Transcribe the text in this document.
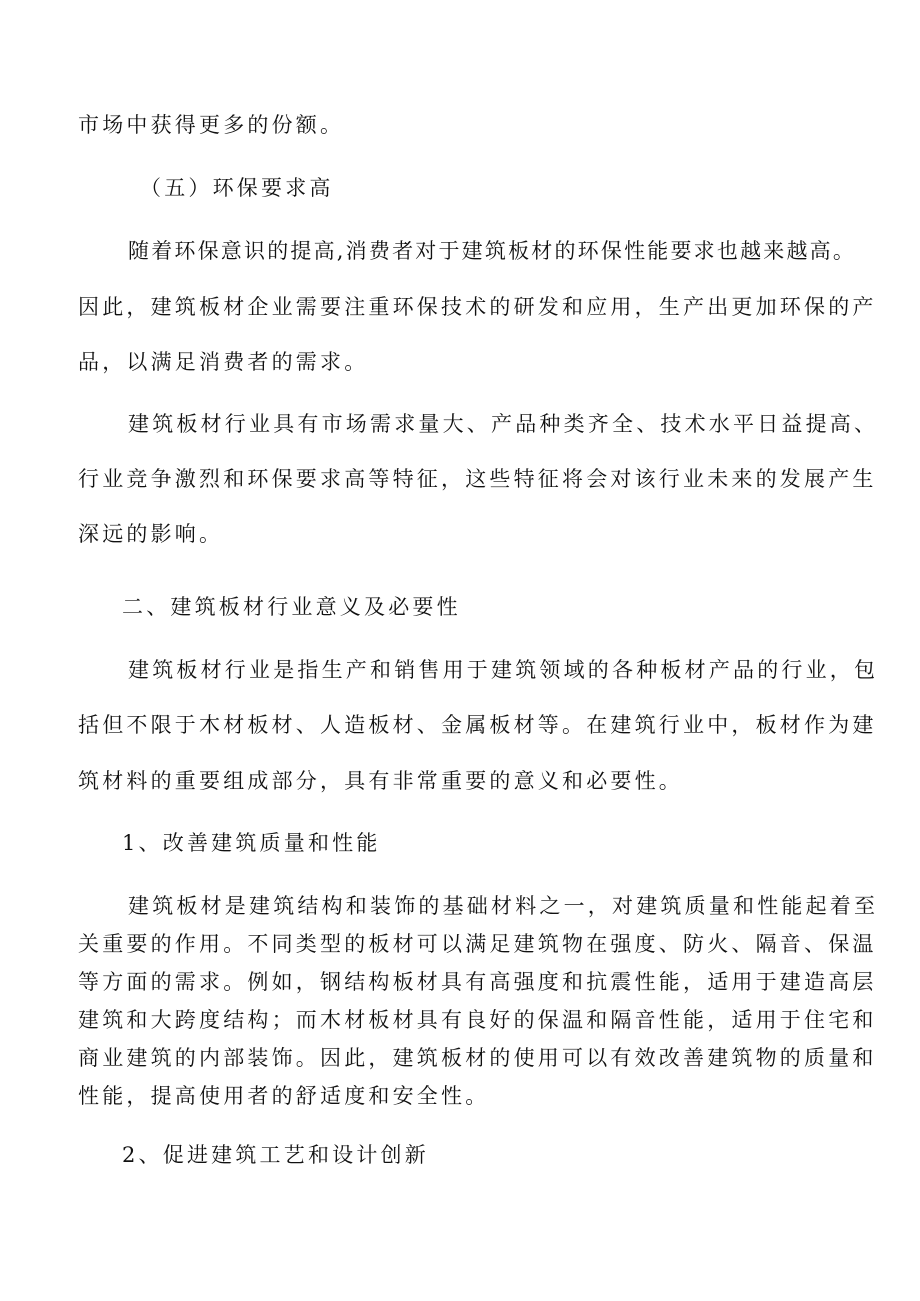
市场中获得更多的份额。
（五）环保要求高
随着环保意识的提高,消费者对于建筑板材的环保性能要求也越来越高。
因此，建筑板材企业需要注重环保技术的研发和应用，生产出更加环保的产
品，以满足消费者的需求。
建筑板材行业具有市场需求量大、产品种类齐全、技术水平日益提高、
行业竞争激烈和环保要求高等特征，这些特征将会对该行业未来的发展产生
深远的影响。
二、建筑板材行业意义及必要性
建筑板材行业是指生产和销售用于建筑领域的各种板材产品的行业，包
括但不限于木材板材、人造板材、金属板材等。在建筑行业中，板材作为建
筑材料的重要组成部分，具有非常重要的意义和必要性。
1、改善建筑质量和性能
建筑板材是建筑结构和装饰的基础材料之一，对建筑质量和性能起着至
关重要的作用。不同类型的板材可以满足建筑物在强度、防火、隔音、保温
等方面的需求。例如，钢结构板材具有高强度和抗震性能，适用于建造高层
建筑和大跨度结构；而木材板材具有良好的保温和隔音性能，适用于住宅和
商业建筑的内部装饰。因此，建筑板材的使用可以有效改善建筑物的质量和
性能，提高使用者的舒适度和安全性。
2、促进建筑工艺和设计创新
